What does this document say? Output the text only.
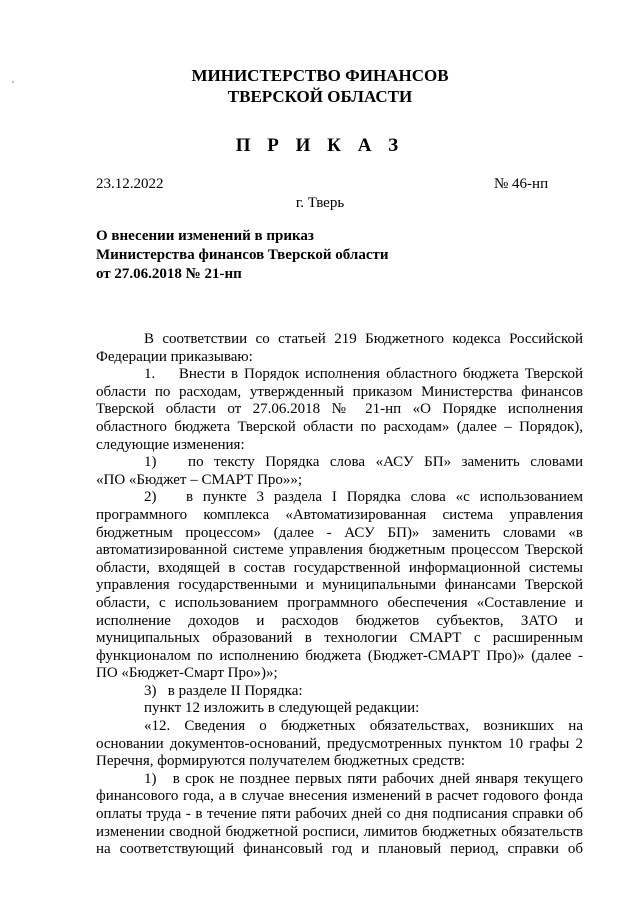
МИНИСТЕРСТВО ФИНАНСОВ
ТВЕРСКОЙ ОБЛАСТИ
П Р И К А З
23.12.2022	№ 46-нп
г. Тверь
О внесении изменений в приказ
Министерства финансов Тверской области
от 27.06.2018 № 21-нп

В соответствии со статьей 219 Бюджетного кодекса Российской

Федерации приказываю:

1.    Внести в Порядок исполнения областного бюджета Тверской

области по расходам, утвержденный приказом Министерства финансов

Тверской области от 27.06.2018 № 21-нп «О Порядке исполнения

областного бюджета Тверской области по расходам» (далее – Порядок),

следующие изменения:

1)   по тексту Порядка слова «АСУ БП» заменить словами

«ПО «Бюджет – СМАРТ Про»»;

2)   в пункте 3 раздела I Порядка слова «с использованием

программного комплекса «Автоматизированная система управления

бюджетным процессом» (далее - АСУ БП)» заменить словами «в

автоматизированной системе управления бюджетным процессом Тверской

области, входящей в состав государственной информационной системы

управления государственными и муниципальными финансами Тверской

области, с использованием программного обеспечения «Составление и

исполнение доходов и расходов бюджетов субъектов, ЗАТО и

муниципальных образований в технологии СМАРТ с расширенным

функционалом по исполнению бюджета (Бюджет-СМАРТ Про)» (далее -

ПО «Бюджет-Смарт Про»)»;

3)   в разделе II Порядка:

пункт 12 изложить в следующей редакции:

«12. Сведения о бюджетных обязательствах, возникших на

основании документов-оснований, предусмотренных пунктом 10 графы 2

Перечня, формируются получателем бюджетных средств:

1)   в срок не позднее первых пяти рабочих дней января текущего

финансового года, а в случае внесения изменений в расчет годового фонда

оплаты труда - в течение пяти рабочих дней со дня подписания справки об

изменении сводной бюджетной росписи, лимитов бюджетных обязательств

на соответствующий финансовый год и плановый период, справки об
